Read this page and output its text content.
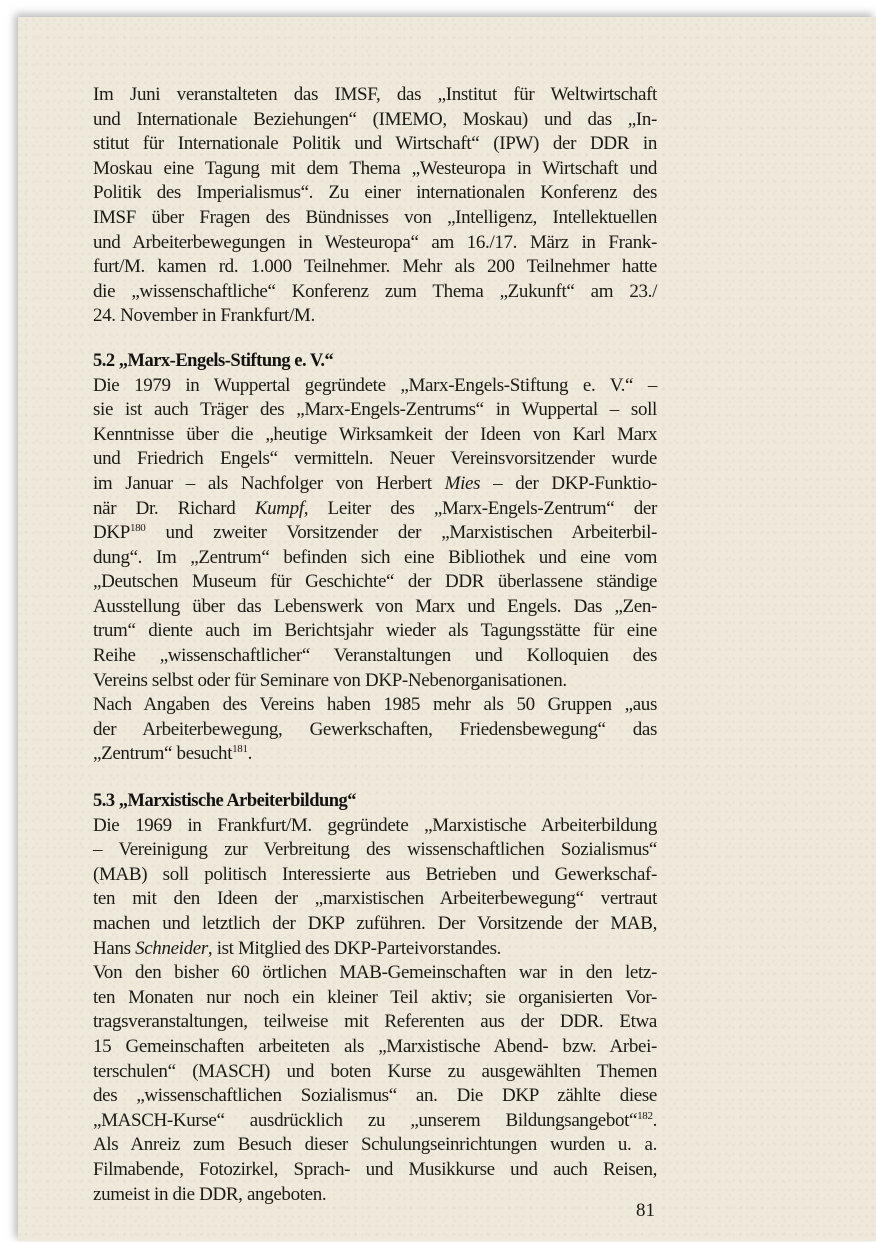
Im Juni veranstalteten das IMSF, das „Institut für Weltwirtschaft
und Internationale Beziehungen“ (IMEMO, Moskau) und das „In-
stitut für Internationale Politik und Wirtschaft“ (IPW) der DDR in
Moskau eine Tagung mit dem Thema „Westeuropa in Wirtschaft und
Politik des Imperialismus“. Zu einer internationalen Konferenz des
IMSF über Fragen des Bündnisses von „Intelligenz, Intellektuellen
und Arbeiterbewegungen in Westeuropa“ am 16./17. März in Frank-
furt/M. kamen rd. 1.000 Teilnehmer. Mehr als 200 Teilnehmer hatte
die „wissenschaftliche“ Konferenz zum Thema „Zukunft“ am 23./
24. November in Frankfurt/M.
5.2 „Marx-Engels-Stiftung e. V.“
Die 1979 in Wuppertal gegründete „Marx-Engels-Stiftung e. V.“ –
sie ist auch Träger des „Marx-Engels-Zentrums“ in Wuppertal – soll
Kenntnisse über die „heutige Wirksamkeit der Ideen von Karl Marx
und Friedrich Engels“ vermitteln. Neuer Vereinsvorsitzender wurde
im Januar – als Nachfolger von Herbert Mies – der DKP-Funktio-
när Dr. Richard Kumpf, Leiter des „Marx-Engels-Zentrum“ der
DKP$^{180}$ und zweiter Vorsitzender der „Marxistischen Arbeiterbil-
dung“. Im „Zentrum“ befinden sich eine Bibliothek und eine vom
„Deutschen Museum für Geschichte“ der DDR überlassene ständige
Ausstellung über das Lebenswerk von Marx und Engels. Das „Zen-
trum“ diente auch im Berichtsjahr wieder als Tagungsstätte für eine
Reihe „wissenschaftlicher“ Veranstaltungen und Kolloquien des
Vereins selbst oder für Seminare von DKP-Nebenorganisationen.
Nach Angaben des Vereins haben 1985 mehr als 50 Gruppen „aus
der Arbeiterbewegung, Gewerkschaften, Friedensbewegung“ das
„Zentrum“ besucht$^{181}$.
5.3 „Marxistische Arbeiterbildung“
Die 1969 in Frankfurt/M. gegründete „Marxistische Arbeiterbildung
– Vereinigung zur Verbreitung des wissenschaftlichen Sozialismus“
(MAB) soll politisch Interessierte aus Betrieben und Gewerkschaf-
ten mit den Ideen der „marxistischen Arbeiterbewegung“ vertraut
machen und letztlich der DKP zuführen. Der Vorsitzende der MAB,
Hans Schneider, ist Mitglied des DKP-Parteivorstandes.
Von den bisher 60 örtlichen MAB-Gemeinschaften war in den letz-
ten Monaten nur noch ein kleiner Teil aktiv; sie organisierten Vor-
tragsveranstaltungen, teilweise mit Referenten aus der DDR. Etwa
15 Gemeinschaften arbeiteten als „Marxistische Abend- bzw. Arbei-
terschulen“ (MASCH) und boten Kurse zu ausgewählten Themen
des „wissenschaftlichen Sozialismus“ an. Die DKP zählte diese
„MASCH-Kurse“ ausdrücklich zu „unserem Bildungsangebot“$^{182}$.
Als Anreiz zum Besuch dieser Schulungseinrichtungen wurden u. a.
Filmabende, Fotozirkel, Sprach- und Musikkurse und auch Reisen,
zumeist in die DDR, angeboten.
81
